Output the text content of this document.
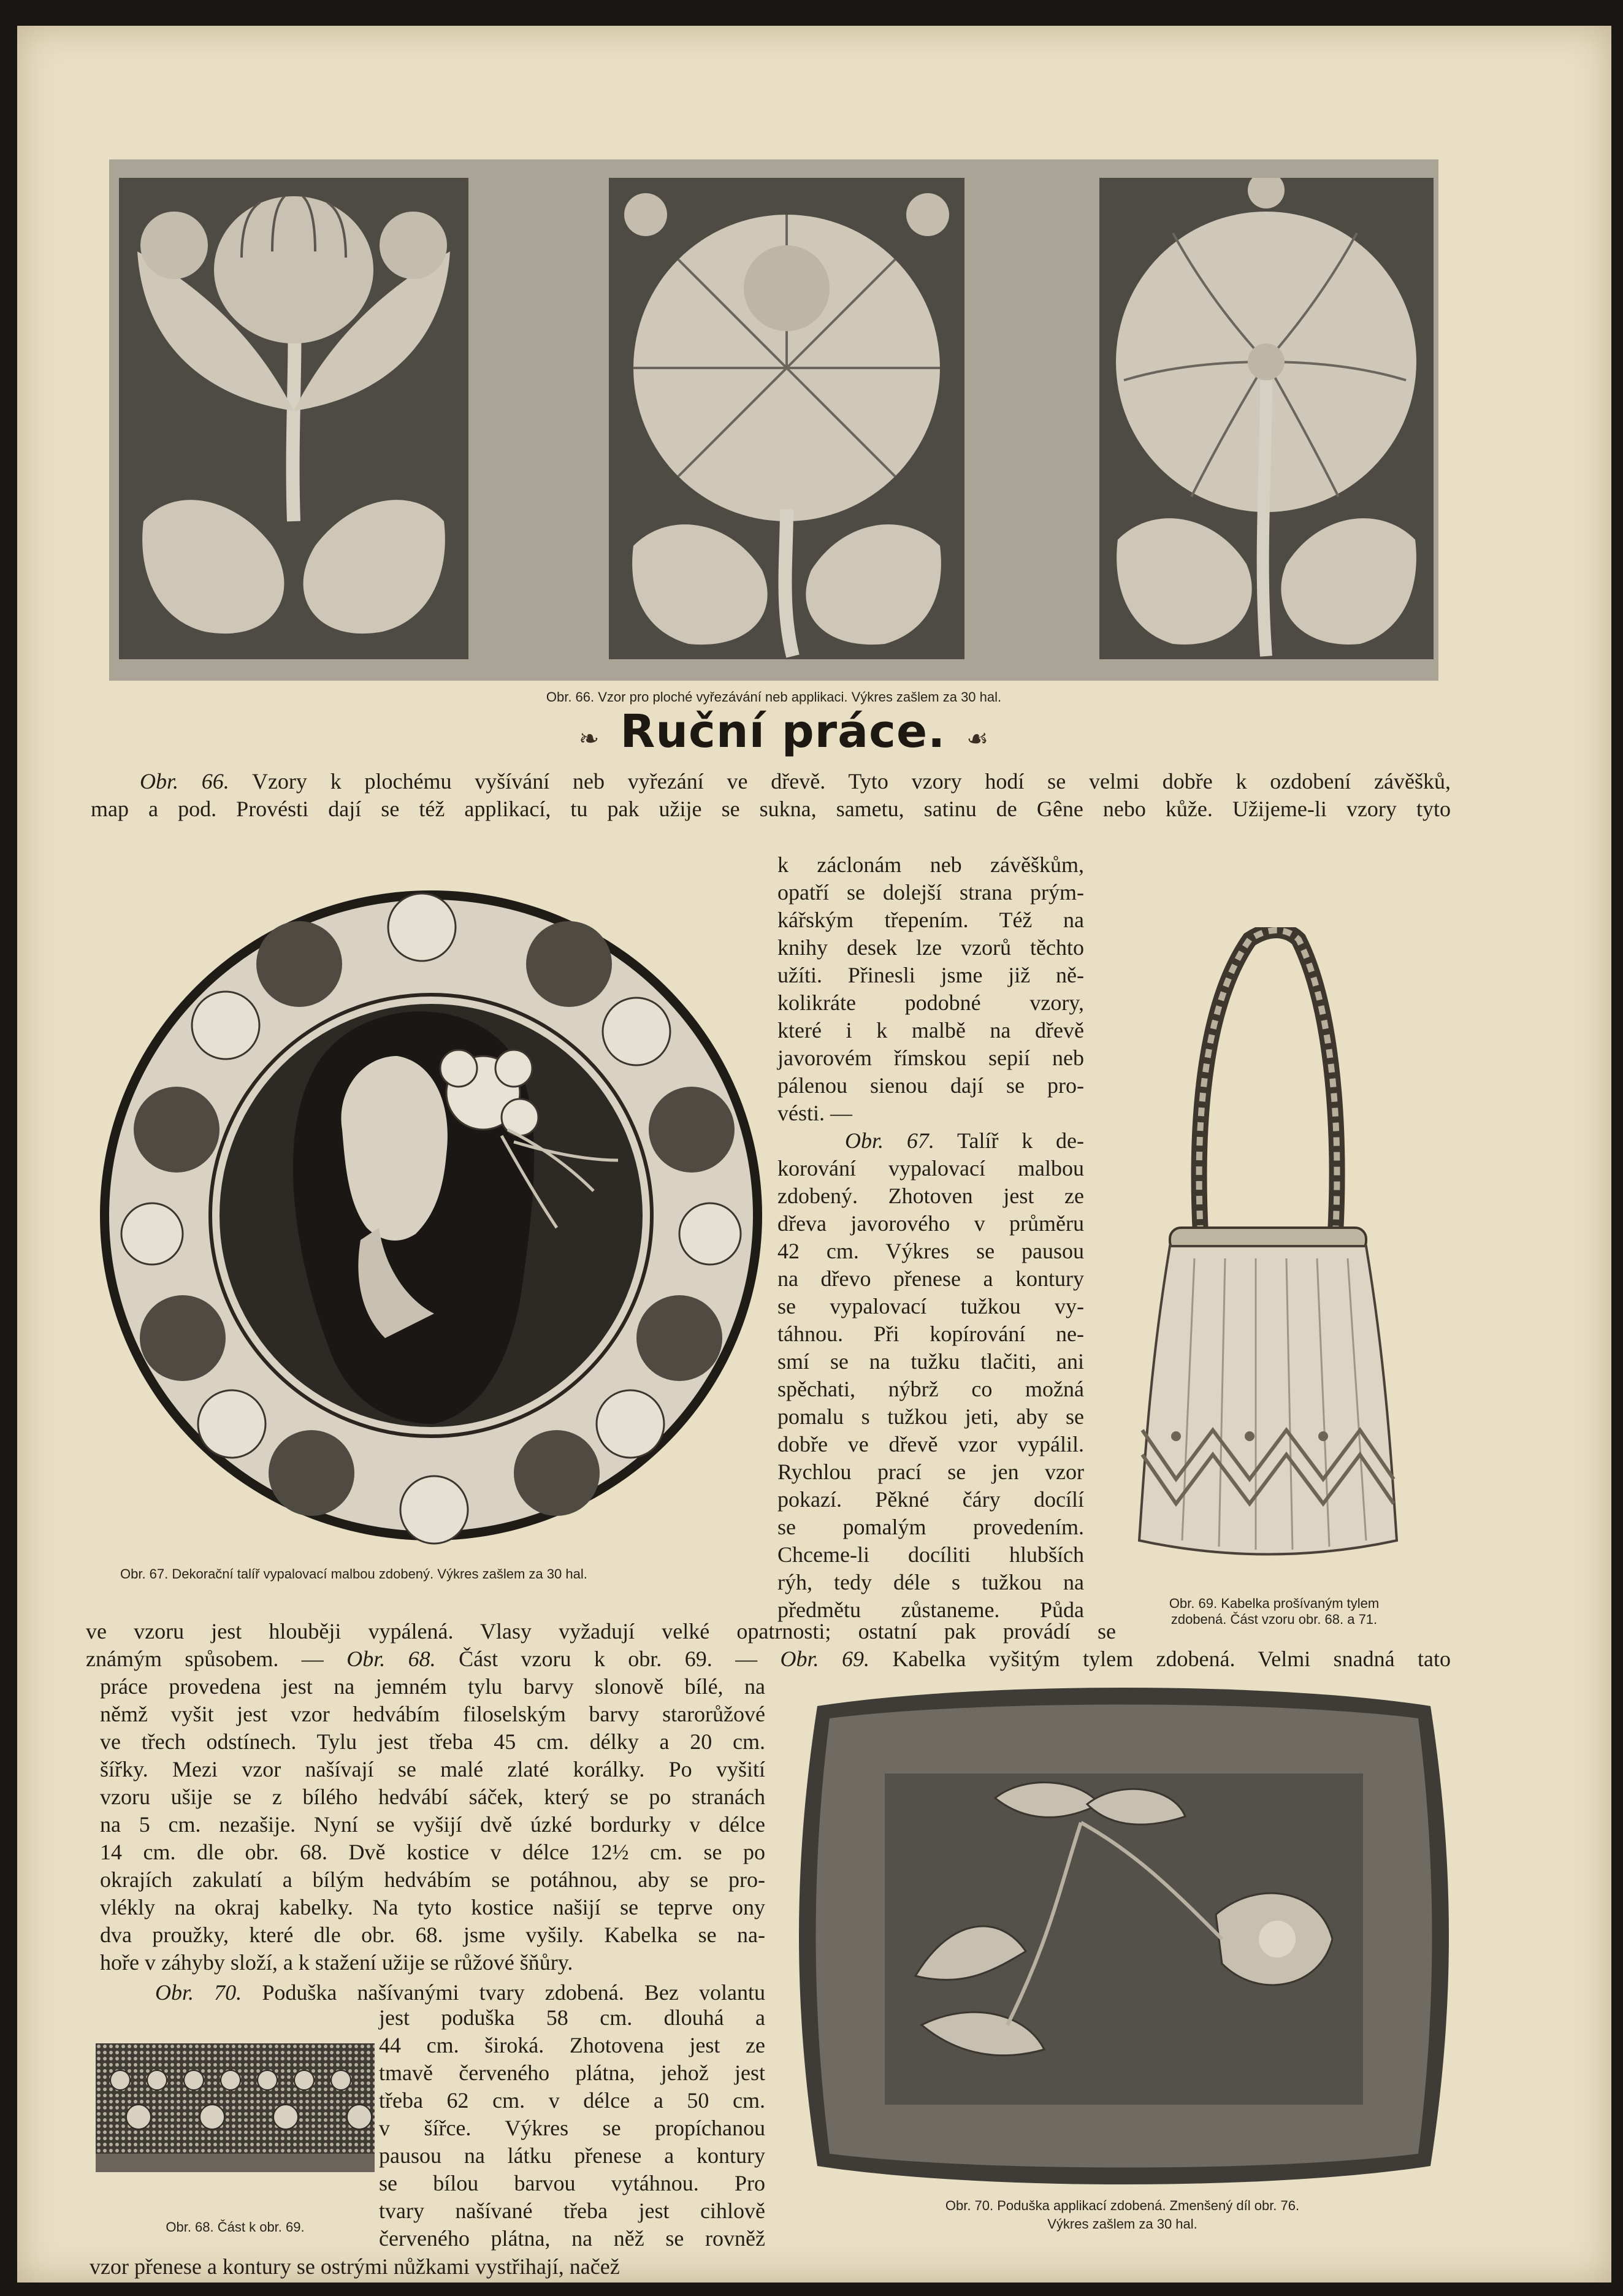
Obr. 66. Vzor pro ploché vyřezávání neb applikaci. Výkres zašlem za 30 hal.
❧ Ruční práce. ☙
Obr. 66. Vzory k plochému vyšívání neb vyřezání ve dřevě. Tyto vzory hodí se velmi dobře k ozdobení závěšků,
map a pod. Provésti dají se též applikací, tu pak užije se sukna, sametu, satinu de Gêne nebo kůže. Užijeme-li vzory tyto
Obr. 67. Dekorační talíř vypalovací malbou zdobený. Výkres zašlem za 30 hal.
k záclonám neb závěškům,
opatří se dolejší strana prým-
kářským třepením. Též na
knihy desek lze vzorů těchto
užíti. Přinesli jsme již ně-
kolikráte podobné vzory,
které i k malbě na dřevě
javorovém římskou sepií neb
pálenou sienou dají se pro-
vésti. —
Obr. 67. Talíř k de-
korování vypalovací malbou
zdobený. Zhotoven jest ze
dřeva javorového v průměru
42 cm. Výkres se pausou
na dřevo přenese a kontury
se vypalovací tužkou vy-
táhnou. Při kopírování ne-
smí se na tužku tlačiti, ani
spěchati, nýbrž co možná
pomalu s tužkou jeti, aby se
dobře ve dřevě vzor vypálil.
Rychlou prací se jen vzor
pokazí. Pěkné čáry docílí
se pomalým provedením.
Chceme-li docíliti hlubších
rýh, tedy déle s tužkou na
předmětu zůstaneme. Půda	Obr. 69. Kabelka prošívaným tylem
zdobená. Část vzoru obr. 68. a 71.
ve vzoru jest hlouběji vypálená. Vlasy vyžadují velké opatrnosti; ostatní pak provádí se
známým spůsobem. — Obr. 68. Část vzoru k obr. 69. — Obr. 69. Kabelka vyšitým tylem zdobená. Velmi snadná tato
práce provedena jest na jemném tylu barvy slonově bílé, na
němž vyšit jest vzor hedvábím filoselským barvy starorůžové
ve třech odstínech. Tylu jest třeba 45 cm. délky a 20 cm.
šířky. Mezi vzor našívají se malé zlaté korálky. Po vyšití
vzoru ušije se z bílého hedvábí sáček, který se po stranách
na 5 cm. nezašije. Nyní se vyšijí dvě úzké bordurky v délce
14 cm. dle obr. 68. Dvě kostice v délce 12½ cm. se po
okrajích zakulatí a bílým hedvábím se potáhnou, aby se pro-
vlékly na okraj kabelky. Na tyto kostice našijí se teprve ony
dva proužky, které dle obr. 68. jsme vyšily. Kabelka se na-
hoře v záhyby složí, a k stažení užije se růžové šňůry.
Obr. 70. Poduška našívanými tvary zdobená. Bez volantu
jest poduška 58 cm. dlouhá a
44 cm. široká. Zhotovena jest ze
tmavě červeného plátna, jehož jest
třeba 62 cm. v délce a 50 cm.
v šířce. Výkres se propíchanou
pausou na látku přenese a kontury
se bílou barvou vytáhnou. Pro
tvary našívané třeba jest cihlově
červeného plátna, na něž se rovněž
Obr. 68. Část k obr. 69.
Obr. 70. Poduška applikací zdobená. Zmenšený díl obr. 76.
Výkres zašlem za 30 hal.
vzor přenese a kontury se ostrými nůžkami vystřihají, načež
